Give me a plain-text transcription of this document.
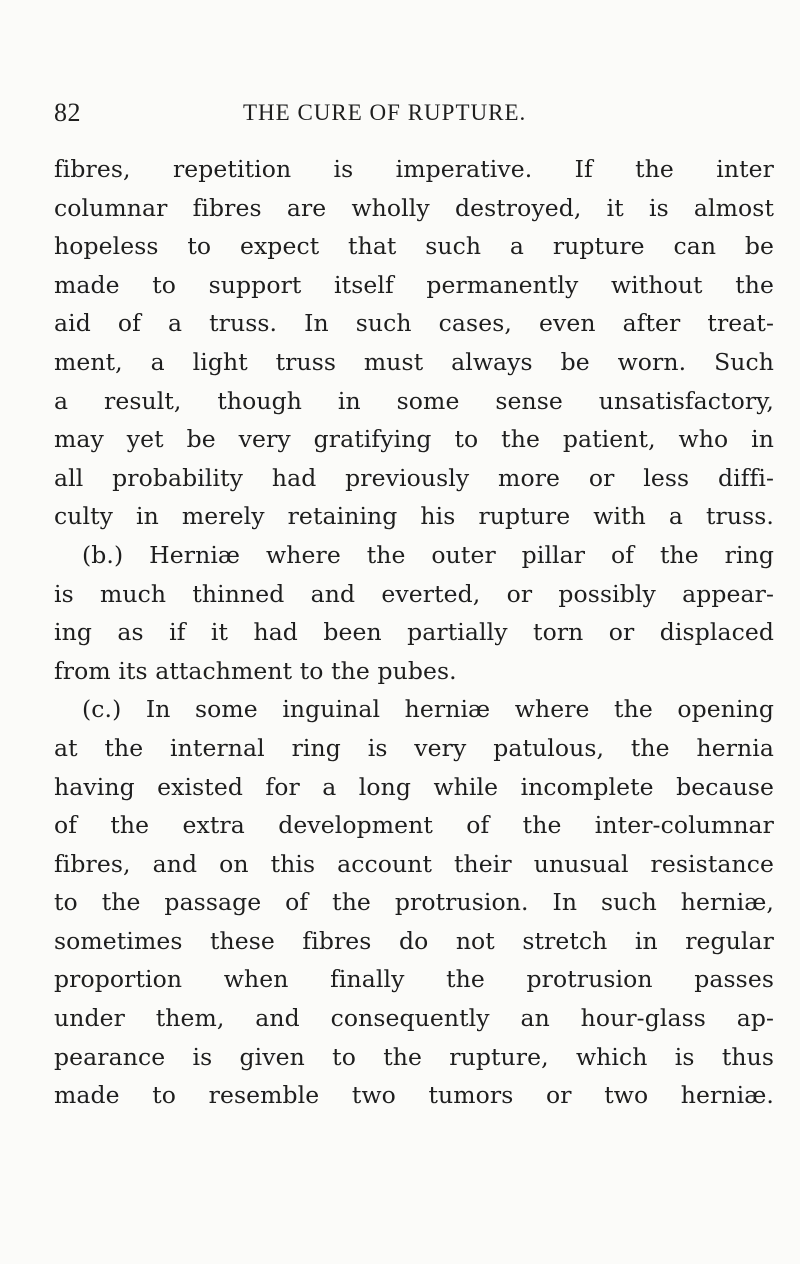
82	THE CURE OF RUPTURE.
fibres, repetition is imperative. If the inter
columnar fibres are wholly destroyed, it is almost
hopeless to expect that such a rupture can be
made to support itself permanently without the
aid of a truss. In such cases, even after treat-
ment, a light truss must always be worn. Such
a result, though in some sense unsatisfactory,
may yet be very gratifying to the patient, who in
all probability had previously more or less diffi-
culty in merely retaining his rupture with a truss.
(b.) Herniæ where the outer pillar of the ring
is much thinned and everted, or possibly appear-
ing as if it had been partially torn or displaced
from its attachment to the pubes.
(c.) In some inguinal herniæ where the opening
at the internal ring is very patulous, the hernia
having existed for a long while incomplete because
of the extra development of the inter-columnar
fibres, and on this account their unusual resistance
to the passage of the protrusion. In such herniæ,
sometimes these fibres do not stretch in regular
proportion when finally the protrusion passes
under them, and consequently an hour-glass ap-
pearance is given to the rupture, which is thus
made to resemble two tumors or two herniæ.
